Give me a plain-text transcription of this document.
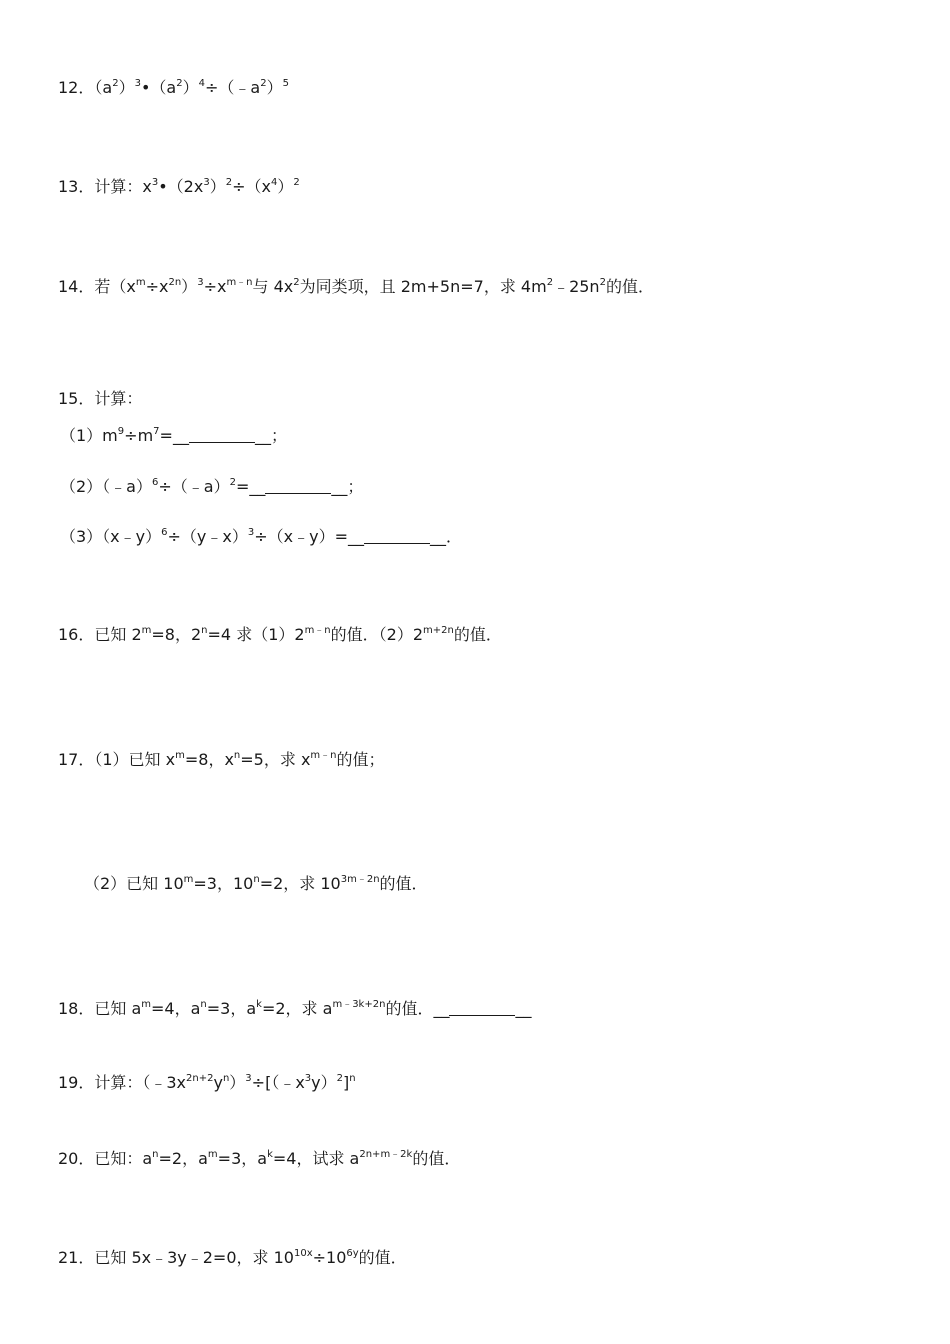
12．$(a^2)^3•(a^2)^4\div(﹣a^2)^5$
13．计算：$x^3•(2x^3)^2\div(x^4)^2$
14．若$(x^m\div x^{2n})^3\div x^{m﹣n}$与 $4x^2$为同类项，且 2m+5n=7，求 $4m^2﹣25n^2$的值．
15．计算：
$(1)m^9\div m^7=\_\_$	__；
（2）（﹣a）$^6$÷（﹣a）$^2$=__	__；
（3）（x﹣y）$^6$÷（y﹣x）$^3$÷（x﹣y）=__	__．
16．已知 $2^m=8$，$2^n=4$ 求$(1)2^{m﹣n}$的值．$(2)2^{m+2n}$的值．
17．（1）已知 $x^m=8$，$x^n=5$，求 $x^{m﹣n}$的值；
（2）已知 $10^m=3$，$10^n=2$，求 $10^{3m﹣2n}$的值．
18．已知 $a^m=4$，$a^n=3$，$a^k=2$，求 $a^{m﹣3k+2n}$的值．__	__
19．计算：$(﹣3x^{2n+2}y^n)^3\div[(﹣x^3y)^2]^n$
20．已知：$a^n=2$，$a^m=3$，$a^k=4$，试求 $a^{2n+m﹣2k}$的值．
21．已知 5x﹣3y﹣2=0，求 $10^{10x}\div 10^{6y}$的值．
